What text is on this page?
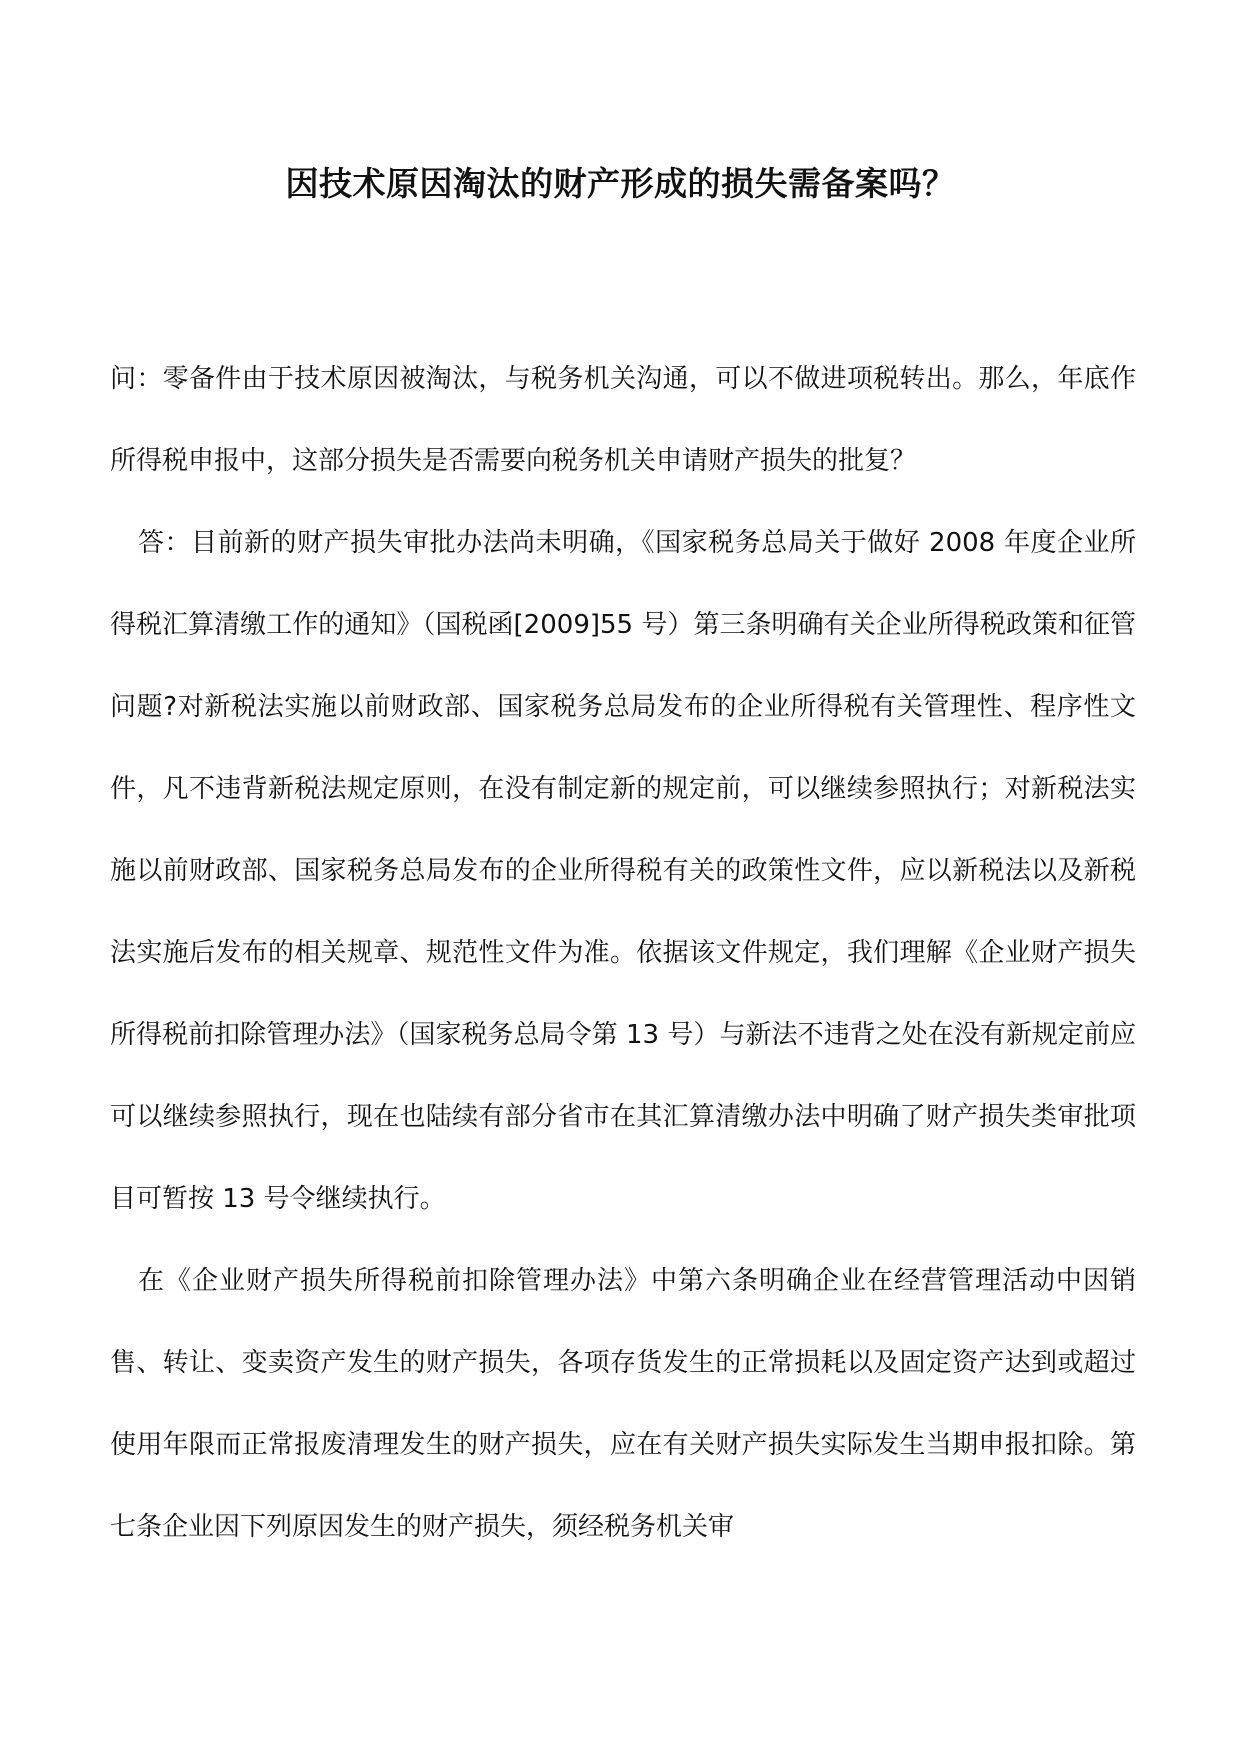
因技术原因淘汰的财产形成的损失需备案吗？

问：零备件由于技术原因被淘汰，与税务机关沟通，可以不做进项税转出。那么，年底作所得税申报中，这部分损失是否需要向税务机关申请财产损失的批复？

答：目前新的财产损失审批办法尚未明确，《国家税务总局关于做好 2008 年度企业所得税汇算清缴工作的通知》（国税函[2009]55 号）第三条明确有关企业所得税政策和征管问题?对新税法实施以前财政部、国家税务总局发布的企业所得税有关管理性、程序性文件，凡不违背新税法规定原则，在没有制定新的规定前，可以继续参照执行；对新税法实施以前财政部、国家税务总局发布的企业所得税有关的政策性文件，应以新税法以及新税法实施后发布的相关规章、规范性文件为准。依据该文件规定，我们理解《企业财产损失所得税前扣除管理办法》（国家税务总局令第 13 号）与新法不违背之处在没有新规定前应可以继续参照执行，现在也陆续有部分省市在其汇算清缴办法中明确了财产损失类审批项目可暂按 13 号令继续执行。

在《企业财产损失所得税前扣除管理办法》中第六条明确企业在经营管理活动中因销售、转让、变卖资产发生的财产损失，各项存货发生的正常损耗以及固定资产达到或超过使用年限而正常报废清理发生的财产损失，应在有关财产损失实际发生当期申报扣除。第七条企业因下列原因发生的财产损失，须经税务机关审
